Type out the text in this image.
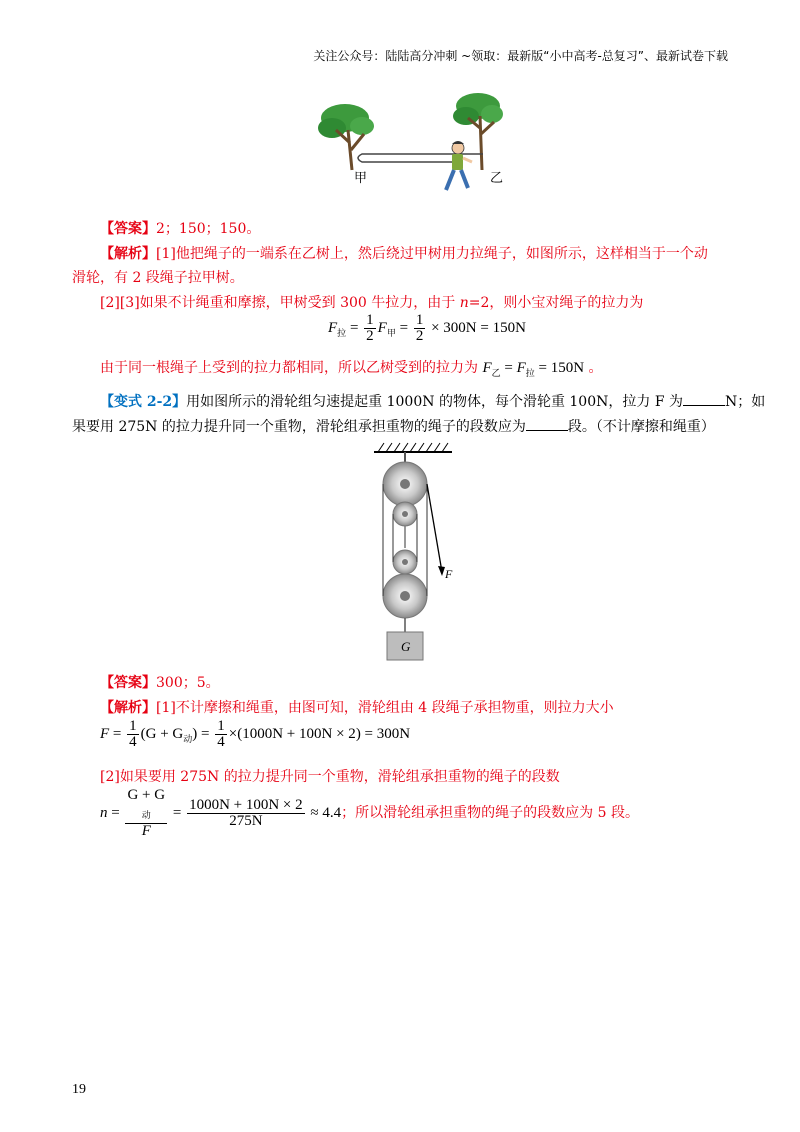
关注公众号：陆陆高分冲刺 ~领取：最新版“小中高考-总复习”、最新试卷下载
甲	乙
【答案】2；150；150。
【解析】[1]他把绳子的一端系在乙树上，然后绕过甲树用力拉绳子，如图所示，这样相当于一个动
滑轮，有 2 段绳子拉甲树。
[2][3]如果不计绳重和摩擦，甲树受到 300 牛拉力，由于 n=2，则小宝对绳子的拉力为
$F_拉 = \frac{1}{2} F_甲 = \frac{1}{2} \times 300N = 150N$
由于同一根绳子上受到的拉力都相同，所以乙树受到的拉力为 $F_乙 = F_拉 = 150N$ 。
【变式 2-2】用如图所示的滑轮组匀速提起重 1000N 的物体，每个滑轮重 100N，拉力 F 为	N；如
果要用 275N 的拉力提升同一个重物，滑轮组承担重物的绳子的段数应为	段。（不计摩擦和绳重）
F
G
【答案】300；5。
【解析】[1]不计摩擦和绳重，由图可知，滑轮组由 4 段绳子承担物重，则拉力大小
$F = \frac{1}{4} (G + G_动) = \frac{1}{4} \times(1000N + 100N \times 2) = 300N$
[2]如果要用 275N 的拉力提升同一个重物，滑轮组承担重物的绳子的段数
n = G + G
$_动$
$F = \frac{1000N + 100N \times 2}{275N} \approx 4.4$；所以滑轮组承担重物的绳子的段数应为 5 段。
19
